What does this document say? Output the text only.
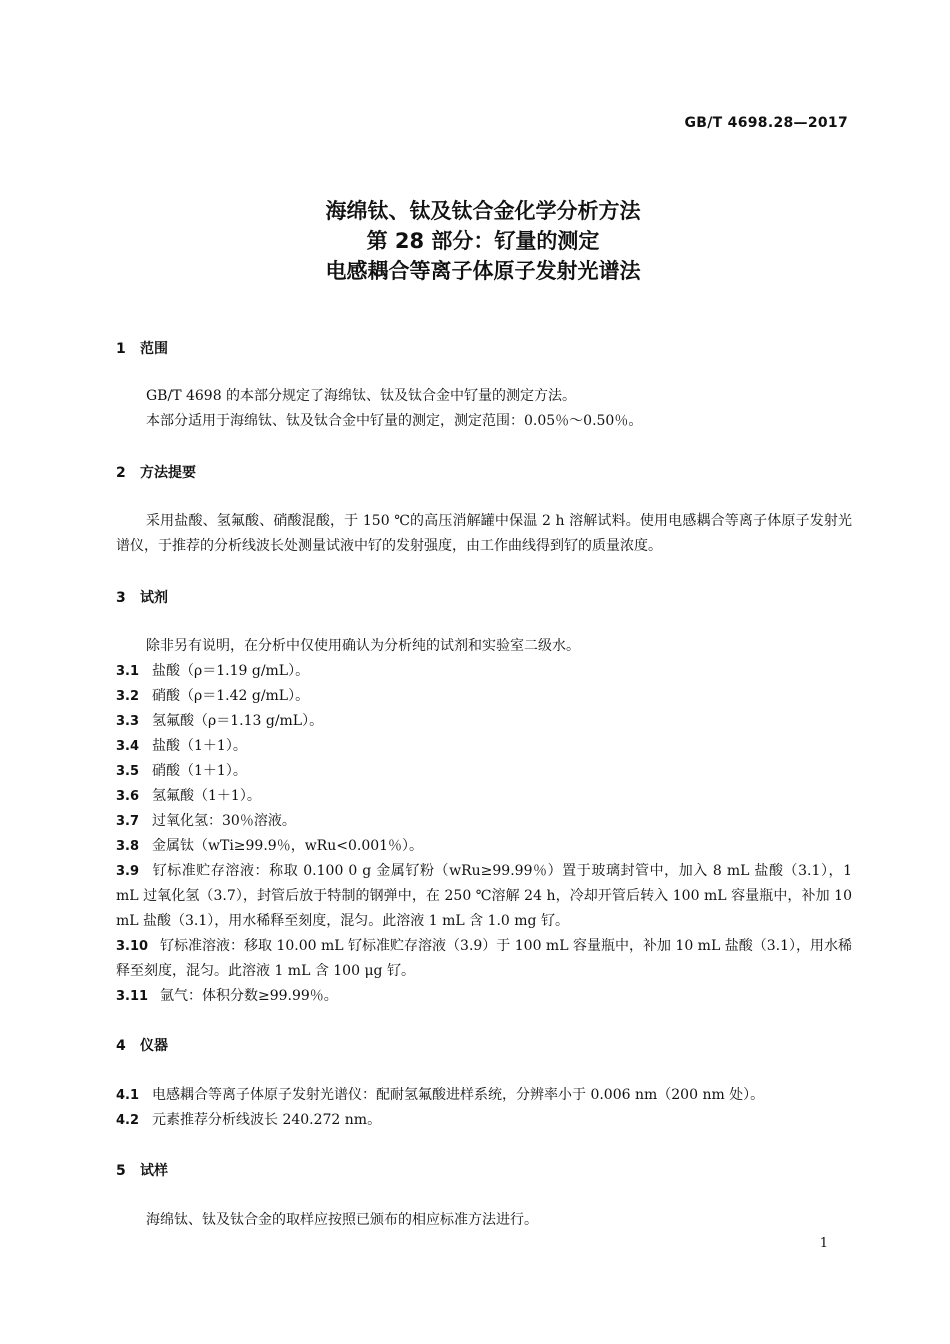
GB/T 4698.28—2017
海绵钛、钛及钛合金化学分析方法
第 28 部分：钌量的测定
电感耦合等离子体原子发射光谱法
1 范围

GB/T 4698 的本部分规定了海绵钛、钛及钛合金中钌量的测定方法。

本部分适用于海绵钛、钛及钛合金中钌量的测定，测定范围：0.05％～0.50％。

2 方法提要

采用盐酸、氢氟酸、硝酸混酸，于 150 ℃的高压消解罐中保温 2 h 溶解试料。使用电感耦合等离子体原子发射光谱仪，于推荐的分析线波长处测量试液中钌的发射强度，由工作曲线得到钌的质量浓度。

3 试剂

除非另有说明，在分析中仅使用确认为分析纯的试剂和实验室二级水。

3.1 盐酸（ρ＝1.19 g/mL）。

3.2 硝酸（ρ＝1.42 g/mL）。

3.3 氢氟酸（ρ＝1.13 g/mL）。

3.4 盐酸（1＋1）。

3.5 硝酸（1＋1）。

3.6 氢氟酸（1＋1）。

3.7 过氧化氢：30％溶液。

3.8 金属钛（wTi≥99.9％，wRu<0.001％）。

3.9 钌标准贮存溶液：称取 0.100 0 g 金属钌粉（wRu≥99.99％）置于玻璃封管中，加入 8 mL 盐酸（3.1），1 mL 过氧化氢（3.7），封管后放于特制的钢弹中，在 250 ℃溶解 24 h，冷却开管后转入 100 mL 容量瓶中，补加 10 mL 盐酸（3.1），用水稀释至刻度，混匀。此溶液 1 mL 含 1.0 mg 钌。

3.10 钌标准溶液：移取 10.00 mL 钌标准贮存溶液（3.9）于 100 mL 容量瓶中，补加 10 mL 盐酸（3.1），用水稀释至刻度，混匀。此溶液 1 mL 含 100 μg 钌。

3.11 氩气：体积分数≥99.99％。

4 仪器

4.1 电感耦合等离子体原子发射光谱仪：配耐氢氟酸进样系统，分辨率小于 0.006 nm（200 nm 处）。

4.2 元素推荐分析线波长 240.272 nm。

5 试样

海绵钛、钛及钛合金的取样应按照已颁布的相应标准方法进行。

1
